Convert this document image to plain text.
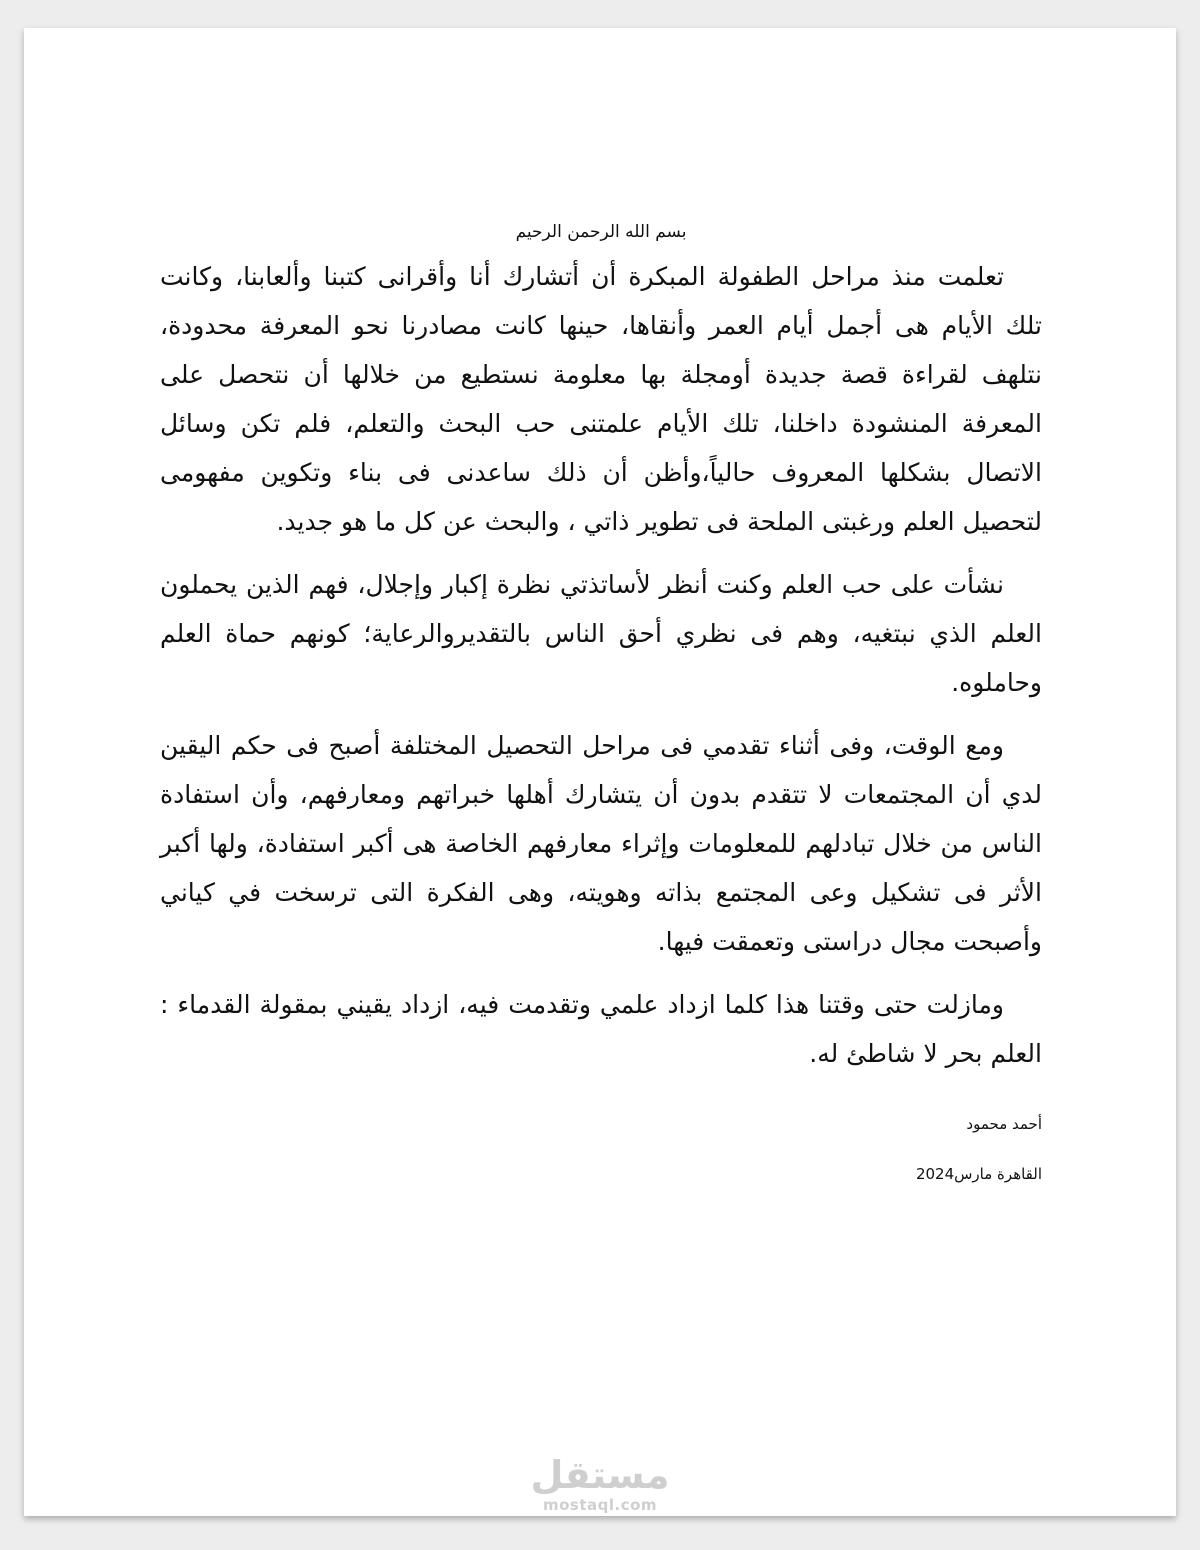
بسم الله الرحمن الرحيم

تعلمت منذ مراحل الطفولة المبكرة أن أتشارك أنا وأقرانى كتبنا وألعابنا، وكانت تلك الأيام هى أجمل أيام العمر وأنقاها، حينها كانت مصادرنا نحو المعرفة محدودة، نتلهف لقراءة قصة جديدة أومجلة بها معلومة نستطيع من خلالها أن نتحصل على المعرفة المنشودة داخلنا، تلك الأيام علمتنى حب البحث والتعلم، فلم تكن وسائل الاتصال بشكلها المعروف حالياً،وأظن أن ذلك ساعدنى فى بناء وتكوين مفهومى لتحصيل العلم ورغبتى الملحة فى تطوير ذاتي ، والبحث عن كل ما هو جديد.

نشأت على حب العلم وكنت أنظر لأساتذتي نظرة إكبار وإجلال، فهم الذين يحملون العلم الذي نبتغيه، وهم فى نظري أحق الناس بالتقديروالرعاية؛ كونهم حماة العلم وحاملوه.

ومع الوقت، وفى أثناء تقدمي فى مراحل التحصيل المختلفة أصبح فى حكم اليقين لدي أن المجتمعات لا تتقدم بدون أن يتشارك أهلها خبراتهم ومعارفهم، وأن استفادة الناس من خلال تبادلهم للمعلومات وإثراء معارفهم الخاصة هى أكبر استفادة، ولها أكبر الأثر فى تشكيل وعى المجتمع بذاته وهويته، وهى الفكرة التى ترسخت في كياني وأصبحت مجال دراستى وتعمقت فيها.

ومازلت حتى وقتنا هذا كلما ازداد علمي وتقدمت فيه، ازداد يقيني بمقولة القدماء : العلم بحر لا شاطئ له.

أحمد محمود
القاهرة مارس2024
مستقل
mostaql.com
